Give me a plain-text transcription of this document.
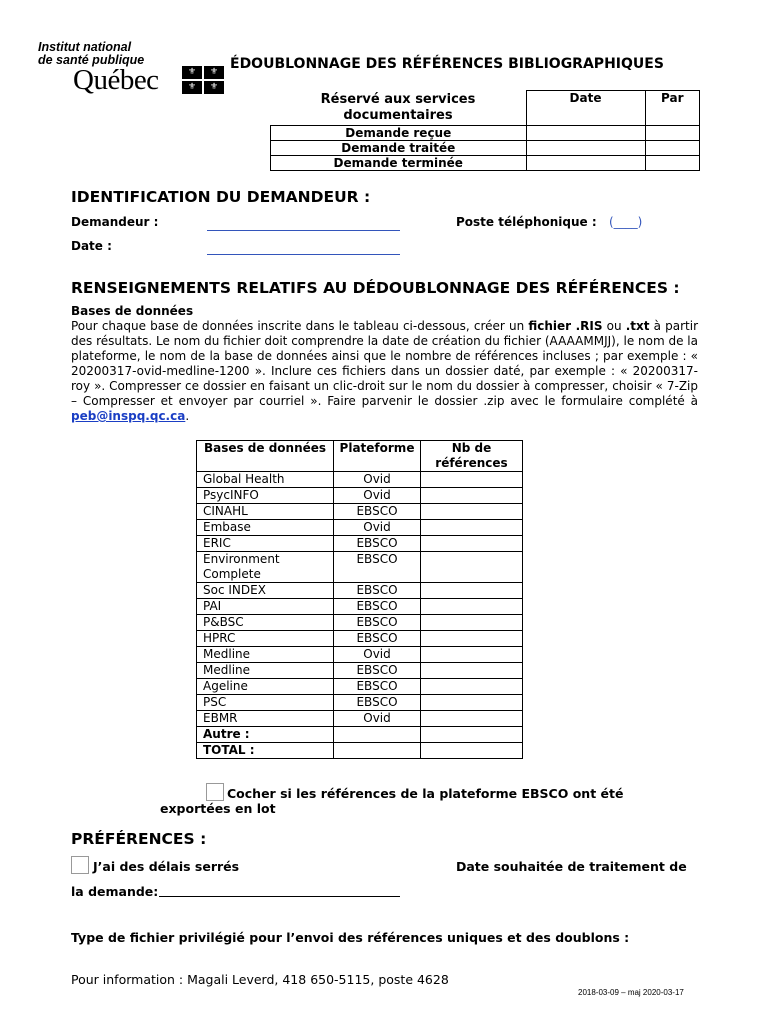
Institut national
de santé publique
Québec	⚜	⚜
⚜	⚜
ÉDOUBLONNAGE DES RÉFÉRENCES BIBLIOGRAPHIQUES
Réservé aux services documentaires	Date	Par
Demande reçue		
Demande traitée		
Demande terminée		
IDENTIFICATION DU DEMANDEUR :
Demandeur :	Poste téléphonique : (____)
Date :
RENSEIGNEMENTS RELATIFS AU DÉDOUBLONNAGE DES RÉFÉRENCES :
Bases de données
Pour chaque base de données inscrite dans le tableau ci-dessous, créer un fichier .RIS ou .txt à partir des résultats. Le nom du fichier doit comprendre la date de création du fichier (AAAAMMJJ), le nom de la plateforme, le nom de la base de données ainsi que le nombre de références incluses ; par exemple : « 20200317-ovid-medline-1200 ». Inclure ces fichiers dans un dossier daté, par exemple : « 20200317-roy ». Compresser ce dossier en faisant un clic-droit sur le nom du dossier à compresser, choisir « 7-Zip – Compresser et envoyer par courriel ». Faire parvenir le dossier .zip avec le formulaire complété à peb@inspq.qc.ca.
Bases de données	Plateforme	Nb de références
Global Health	Ovid	
PsycINFO	Ovid	
CINAHL	EBSCO	
Embase	Ovid	
ERIC	EBSCO	
Environment Complete	EBSCO	
Soc INDEX	EBSCO	
PAI	EBSCO	
P&BSC	EBSCO	
HPRC	EBSCO	
Medline	Ovid	
Medline	EBSCO	
Ageline	EBSCO	
PSC	EBSCO	
EBMR	Ovid	
Autre :		
TOTAL :		
Cocher si les références de la plateforme EBSCO ont été
exportées en lot
PRÉFÉRENCES :
J’ai des délais serrés	Date souhaitée de traitement de
la demande:
Type de fichier privilégié pour l’envoi des références uniques et des doublons :
Pour information : Magali Leverd, 418 650-5115, poste 4628
2018-03-09 – maj 2020-03-17
